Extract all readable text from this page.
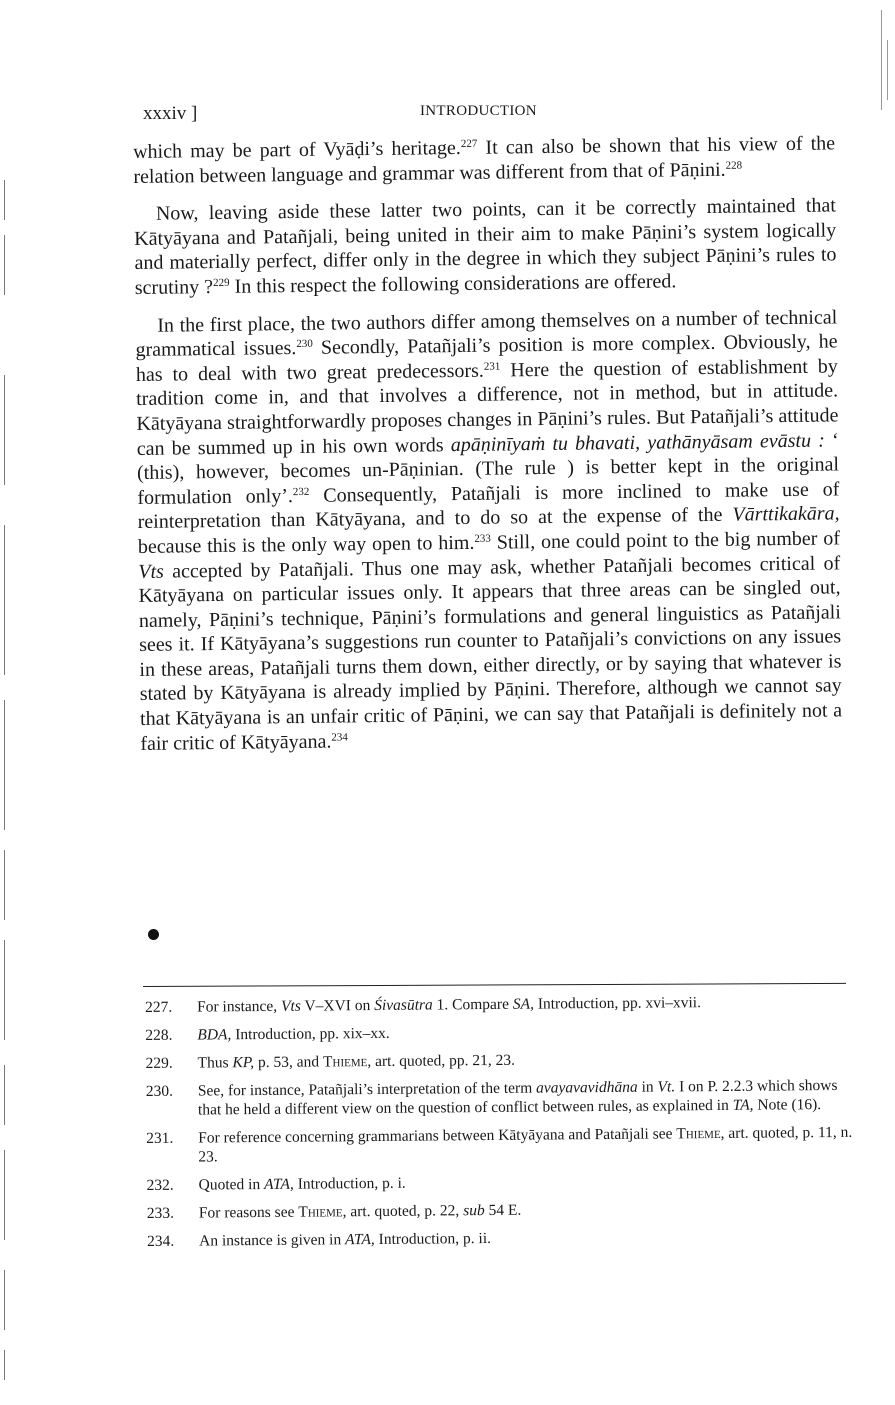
xxxiv ]	INTRODUCTION

which may be part of Vyāḍi’s heritage.$^{227}$ It can also be shown that his view of the relation between language and grammar was different from that of Pāṇini.$^{228}$

Now, leaving aside these latter two points, can it be correctly maintained that Kātyāyana and Patañjali, being united in their aim to make Pāṇini’s system logically and materially perfect, differ only in the degree in which they subject Pāṇini’s rules to scrutiny ?$^{229}$ In this respect the following considerations are offered.

In the first place, the two authors differ among themselves on a number of technical grammatical issues.$^{230}$ Secondly, Patañjali’s position is more complex. Obviously, he has to deal with two great predecessors.$^{231}$ Here the question of establishment by tradition come in, and that involves a difference, not in method, but in attitude. Kātyāyana straightforwardly proposes changes in Pāṇini’s rules. But Patañjali’s attitude can be summed up in his own words apāṇinīyaṁ tu bhavati, yathānyāsam evāstu : ‘ (this), however, becomes un-Pāṇinian. (The rule ) is better kept in the original formulation only’.$^{232}$ Consequently, Patañjali is more inclined to make use of reinterpretation than Kātyāyana, and to do so at the expense of the Vārttikakāra, because this is the only way open to him.$^{233}$ Still, one could point to the big number of Vts accepted by Patañjali. Thus one may ask, whether Patañjali becomes critical of Kātyāyana on particular issues only. It appears that three areas can be singled out, namely, Pāṇini’s technique, Pāṇini’s formulations and general linguistics as Patañjali sees it. If Kātyāyana’s suggestions run counter to Patañjali’s convictions on any issues in these areas, Patañjali turns them down, either directly, or by saying that whatever is stated by Kātyāyana is already implied by Pāṇini. Therefore, although we cannot say that Kātyāyana is an unfair critic of Pāṇini, we can say that Patañjali is definitely not a fair critic of Kātyāyana.$^{234}$

227. For instance, Vts V–XVI on Śivasūtra 1. Compare SA, Introduction, pp. xvi–xvii.
228. BDA, Introduction, pp. xix–xx.
229. Thus KP, p. 53, and Thieme, art. quoted, pp. 21, 23.
230. See, for instance, Patañjali’s interpretation of the term avayavavidhāna in Vt. I on P. 2.2.3 which shows that he held a different view on the question of conflict between rules, as explained in TA, Note (16).
231. For reference concerning grammarians between Kātyāyana and Patañjali see Thieme, art. quoted, p. 11, n. 23.
232. Quoted in ATA, Introduction, p. i.
233. For reasons see Thieme, art. quoted, p. 22, sub 54 E.
234. An instance is given in ATA, Introduction, p. ii.
